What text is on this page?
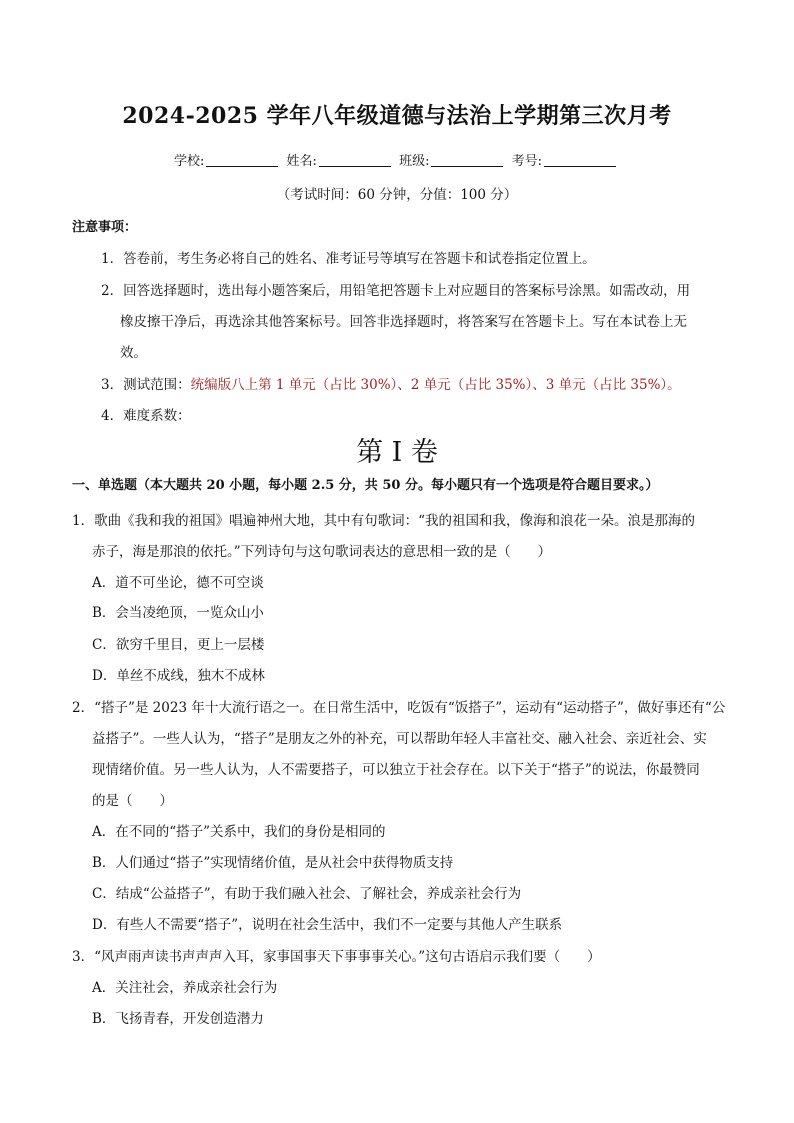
2024-2025 学年八年级道德与法治上学期第三次月考
学校:	姓名:	班级:	考号:
（考试时间：60 分钟，分值：100 分）
注意事项：
1．答卷前，考生务必将自己的姓名、准考证号等填写在答题卡和试卷指定位置上。
2．回答选择题时，选出每小题答案后，用铅笔把答题卡上对应题目的答案标号涂黑。如需改动，用
橡皮擦干净后，再选涂其他答案标号。回答非选择题时，将答案写在答题卡上。写在本试卷上无
效。
3．测试范围：统编版八上第 1 单元（占比 30%）、2 单元（占比 35%）、3 单元（占比 35%）。
4．难度系数：
第 I 卷
一、单选题（本大题共 20 小题，每小题 2.5 分，共 50 分。每小题只有一个选项是符合题目要求。）
1．歌曲《我和我的祖国》唱遍神州大地，其中有句歌词：“我的祖国和我，像海和浪花一朵。浪是那海的
赤子，海是那浪的依托。”下列诗句与这句歌词表达的意思相一致的是（　　）
A．道不可坐论，德不可空谈
B．会当凌绝顶，一览众山小
C．欲穷千里目，更上一层楼
D．单丝不成线，独木不成林
2．“搭子”是 2023 年十大流行语之一。在日常生活中，吃饭有“饭搭子”，运动有“运动搭子”，做好事还有“公
益搭子”。一些人认为，“搭子”是朋友之外的补充，可以帮助年轻人丰富社交、融入社会、亲近社会、实
现情绪价值。另一些人认为，人不需要搭子，可以独立于社会存在。以下关于“搭子”的说法，你最赞同
的是（　　）
A．在不同的“搭子”关系中，我们的身份是相同的
B．人们通过“搭子”实现情绪价值，是从社会中获得物质支持
C．结成“公益搭子”，有助于我们融入社会、了解社会，养成亲社会行为
D．有些人不需要“搭子”，说明在社会生活中，我们不一定要与其他人产生联系
3．“风声雨声读书声声声入耳，家事国事天下事事事关心。”这句古语启示我们要（　　）
A．关注社会，养成亲社会行为
B．飞扬青春，开发创造潜力
